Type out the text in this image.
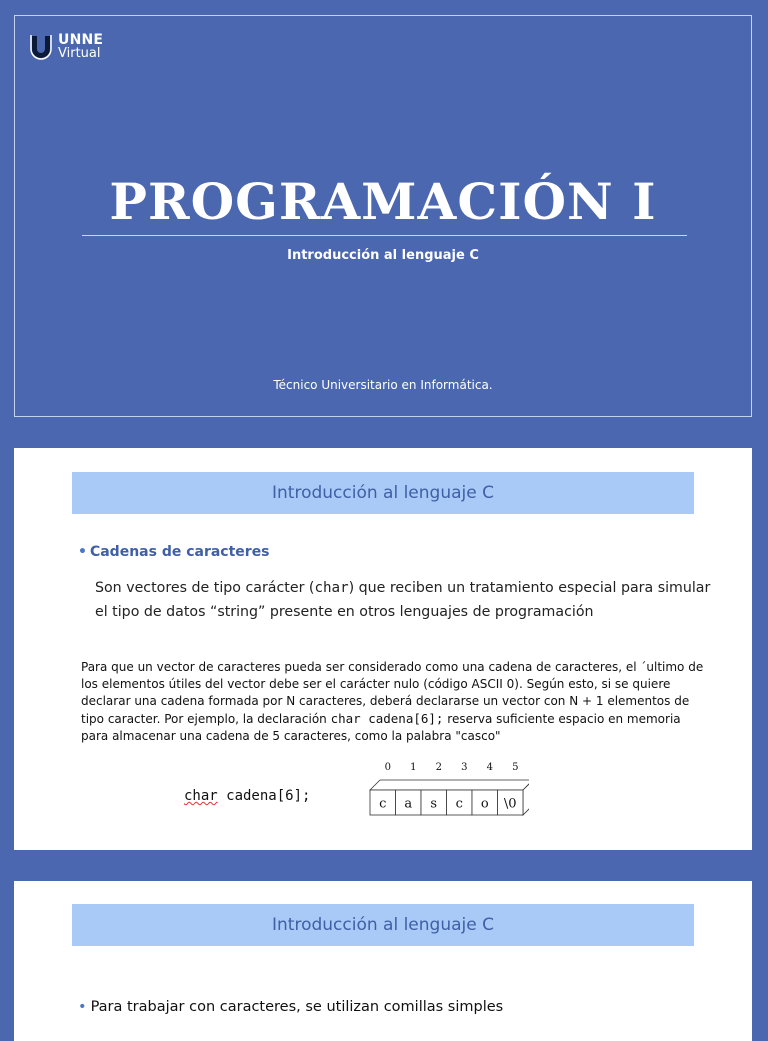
UNNE
Virtual
PROGRAMACIÓN I
Introducción al lenguaje C
Técnico Universitario en Informática.
Introducción al lenguaje C
• Cadenas de caracteres
Son vectores de tipo carácter (char) que reciben un tratamiento especial para simular el tipo de datos “string” presente en otros lenguajes de programación
Para que un vector de caracteres pueda ser considerado como una cadena de caracteres, el ´ultimo de los elementos útiles del vector debe ser el carácter nulo (código ASCII 0). Según esto, si se quiere declarar una cadena formada por N caracteres, deberá declararse un vector con N + 1 elementos de tipo caracter. Por ejemplo, la declaración char cadena[6]; reserva suficiente espacio en memoria para almacenar una cadena de 5 caracteres, como la palabra "casco"
char cadena[6];	c a s c o \0
0 1 2 3 4 5
Introducción al lenguaje C
• Para trabajar con caracteres, se utilizan comillas simples
